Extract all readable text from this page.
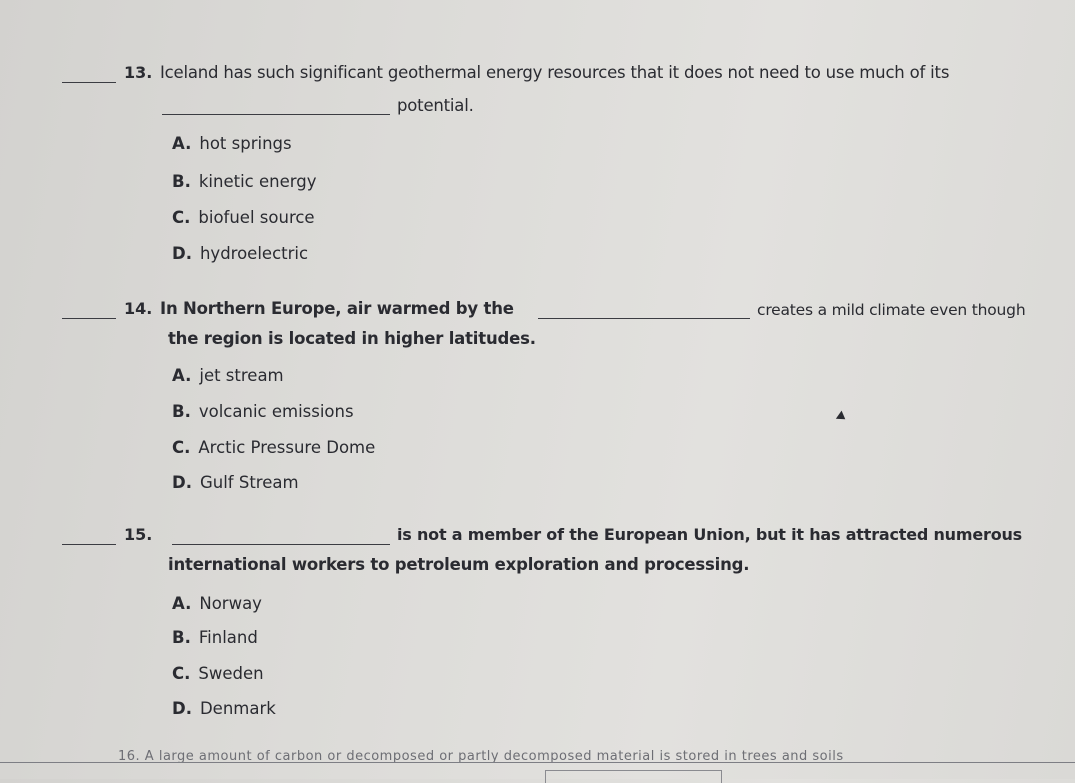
13. Iceland has such significant geothermal energy resources that it does not need to use much of its
potential.
A. hot springs
B. kinetic energy
C. biofuel source
D. hydroelectric
14. In Northern Europe, air warmed by the	creates a mild climate even though
the region is located in higher latitudes.
A. jet stream
B. volcanic emissions
C. Arctic Pressure Dome
D. Gulf Stream
15.	is not a member of the European Union, but it has attracted numerous
international workers to petroleum exploration and processing.
A. Norway
B. Finland
C. Sweden
D. Denmark
16. A large amount of carbon or decomposed or partly decomposed material is stored in trees and soils
